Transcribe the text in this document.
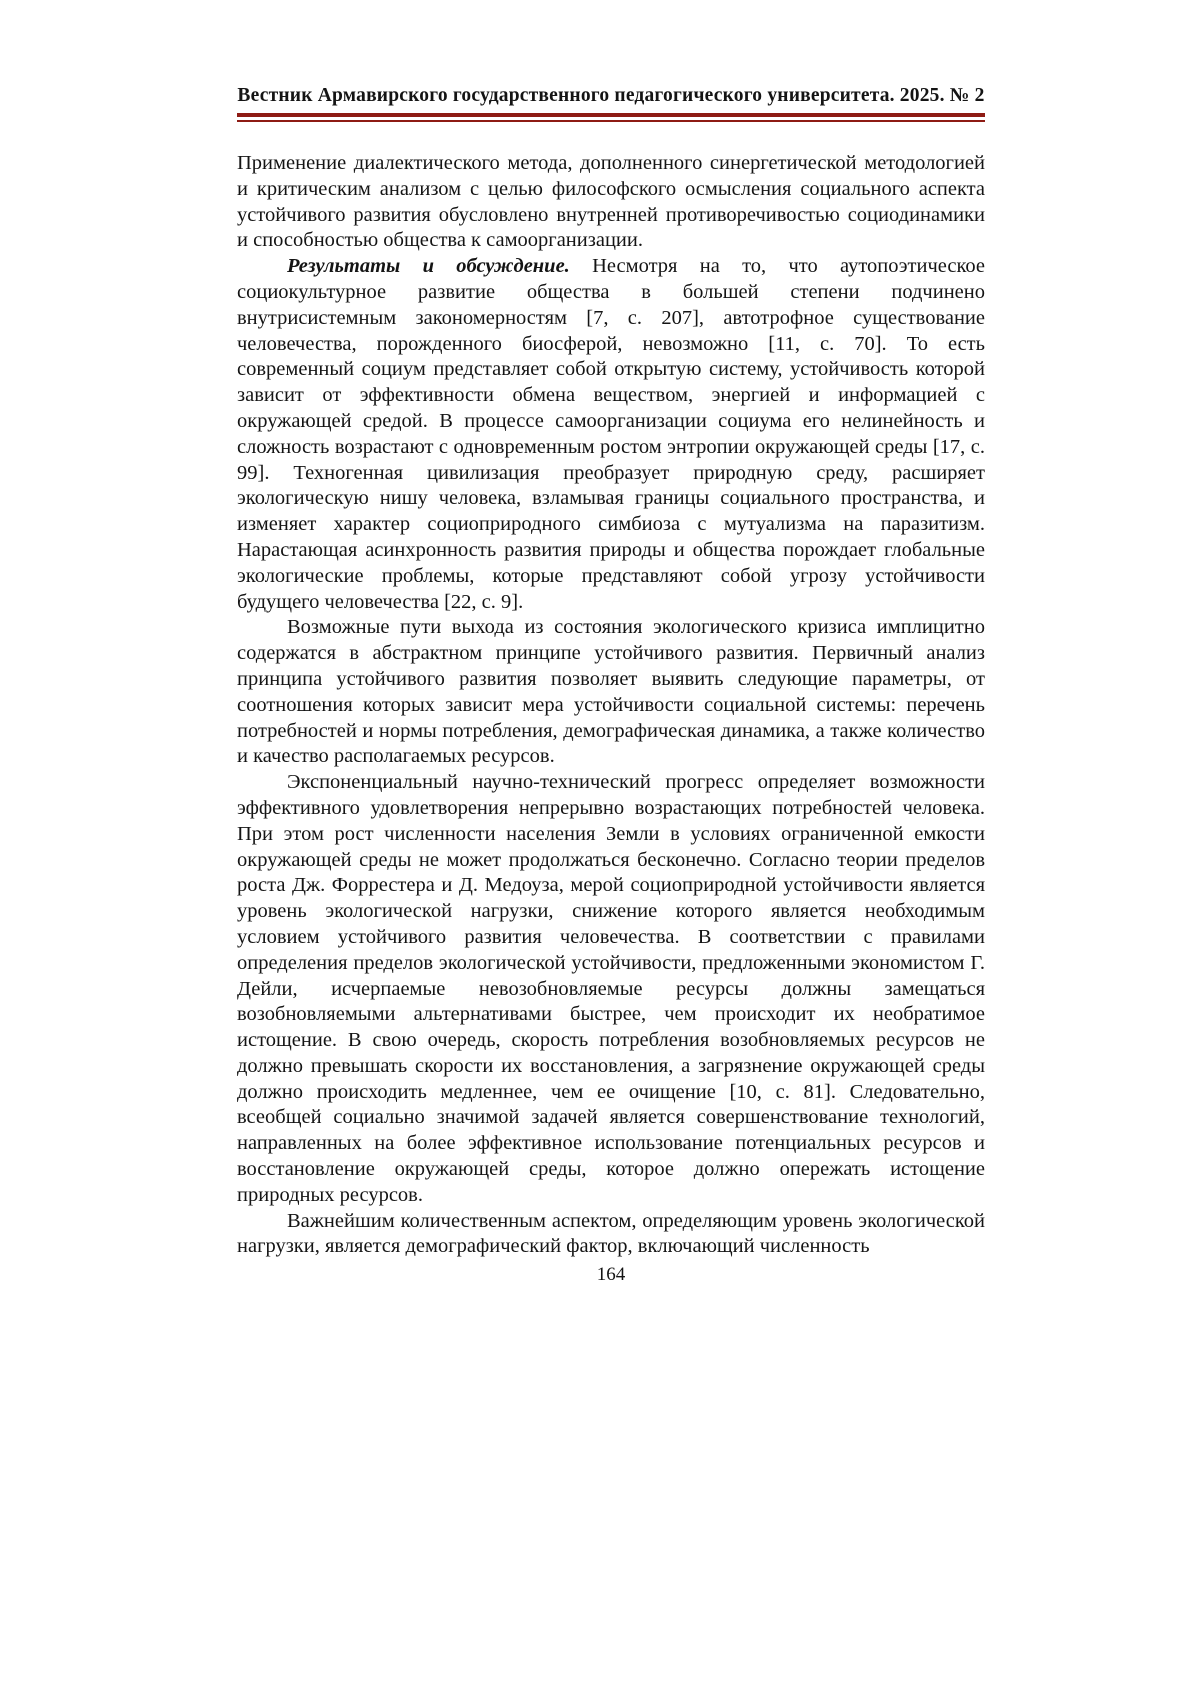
Вестник Армавирского государственного педагогического университета. 2025. № 2

Применение диалектического метода, дополненного синергетической методологией и критическим анализом с целью философского осмысления социального аспекта устойчивого развития обусловлено внутренней противоречивостью социодинамики и способностью общества к самоорганизации.

Результаты и обсуждение. Несмотря на то, что аутопоэтическое социокультурное развитие общества в большей степени подчинено внутрисистемным закономерностям [7, с. 207], автотрофное существование человечества, порожденного биосферой, невозможно [11, с. 70]. То есть современный социум представляет собой открытую систему, устойчивость которой зависит от эффективности обмена веществом, энергией и информацией с окружающей средой. В процессе самоорганизации социума его нелинейность и сложность возрастают с одновременным ростом энтропии окружающей среды [17, с. 99]. Техногенная цивилизация преобразует природную среду, расширяет экологическую нишу человека, взламывая границы социального пространства, и изменяет характер социоприродного симбиоза с мутуализма на паразитизм. Нарастающая асинхронность развития природы и общества порождает глобальные экологические проблемы, которые представляют собой угрозу устойчивости будущего человечества [22, с. 9].

Возможные пути выхода из состояния экологического кризиса имплицитно содержатся в абстрактном принципе устойчивого развития. Первичный анализ принципа устойчивого развития позволяет выявить следующие параметры, от соотношения которых зависит мера устойчивости социальной системы: перечень потребностей и нормы потребления, демографическая динамика, а также количество и качество располагаемых ресурсов.

Экспоненциальный научно-технический прогресс определяет возможности эффективного удовлетворения непрерывно возрастающих потребностей человека. При этом рост численности населения Земли в условиях ограниченной емкости окружающей среды не может продолжаться бесконечно. Согласно теории пределов роста Дж. Форрестера и Д. Медоуза, мерой социоприродной устойчивости является уровень экологической нагрузки, снижение которого является необходимым условием устойчивого развития человечества. В соответствии с правилами определения пределов экологической устойчивости, предложенными экономистом Г. Дейли, исчерпаемые невозобновляемые ресурсы должны замещаться возобновляемыми альтернативами быстрее, чем происходит их необратимое истощение. В свою очередь, скорость потребления возобновляемых ресурсов не должно превышать скорости их восстановления, а загрязнение окружающей среды должно происходить медленнее, чем ее очищение [10, с. 81]. Следовательно, всеобщей социально значимой задачей является совершенствование технологий, направленных на более эффективное использование потенциальных ресурсов и восстановление окружающей среды, которое должно опережать истощение природных ресурсов.

Важнейшим количественным аспектом, определяющим уровень экологической нагрузки, является демографический фактор, включающий численность

164
